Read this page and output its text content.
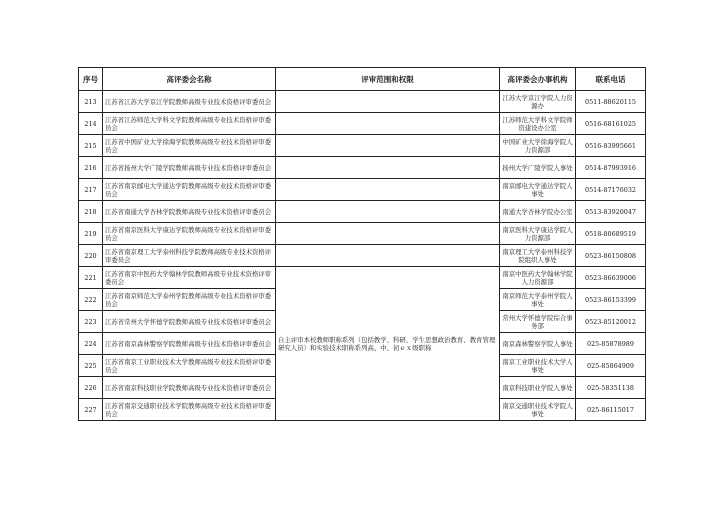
序号	高评委会名称	评审范围和权限	高评委会办事机构	联系电话
213	江苏省江苏大学京江学院教师高级专业技术资格评审委员会		江苏大学京江学院人力资源办	0511-88620115
214	江苏省江苏师范大学科文学院教师高级专业技术资格评审委员会		江苏师范大学科文学院师资建设办公室	0516-68161025
215	江苏省中国矿业大学徐海学院教师高级专业技术资格评审委员会		中国矿业大学徐海学院人力资源部	0516-83995661
216	江苏省扬州大学广陵学院教师高级专业技术资格评审委员会		扬州大学广陵学院人事处	0514-87993916
217	江苏省南京邮电大学通达学院教师高级专业技术资格评审委员会		南京邮电大学通达学院人事处	0514-87176032
218	江苏省南通大学杏林学院教师高级专业技术资格评审委员会		南通大学杏林学院办公室	0513-83920047
219	江苏省南京医科大学康达学院教师高级专业技术资格评审委员会		南京医科大学康达学院人力资源部	0518-80689519
220	江苏省南京理工大学泰州科技学院教师高级专业技术资格评审委员会		南京理工大学泰州科技学院组织人事处	0523-86150808
221	江苏省南京中医药大学翰林学院教师高级专业技术资格评审委员会	自主评审本校教师职称系列（包括教学、科研、学生思想政治教育、教育管理研究人员）和实验技术职称系列高、中、初ｅｘ级职称	南京中医药大学翰林学院人力资源部	0523-86639006
222	江苏省南京师范大学泰州学院教师高级专业技术资格评审委员会		南京师范大学泰州学院人事处	0523-86153399
223	江苏省常州大学怀德学院教师高级专业技术资格评审委员会		常州大学怀德学院综合事务部	0523-85120012
224	江苏省南京森林警察学院教师高级专业技术资格评审委员会		南京森林警察学院人事处	025-85878989
225	江苏省南京工业职业技术大学教师高级专业技术资格评审委员会		南京工业职业技术大学人事处	025-85864909
226	江苏省南京科技职业学院教师高级专业技术资格评审委员会		南京科技职业学院人事处	025-58351138
227	江苏省南京交通职业技术学院教师高级专业技术资格评审委员会		南京交通职业技术学院人事处	025-86115017
